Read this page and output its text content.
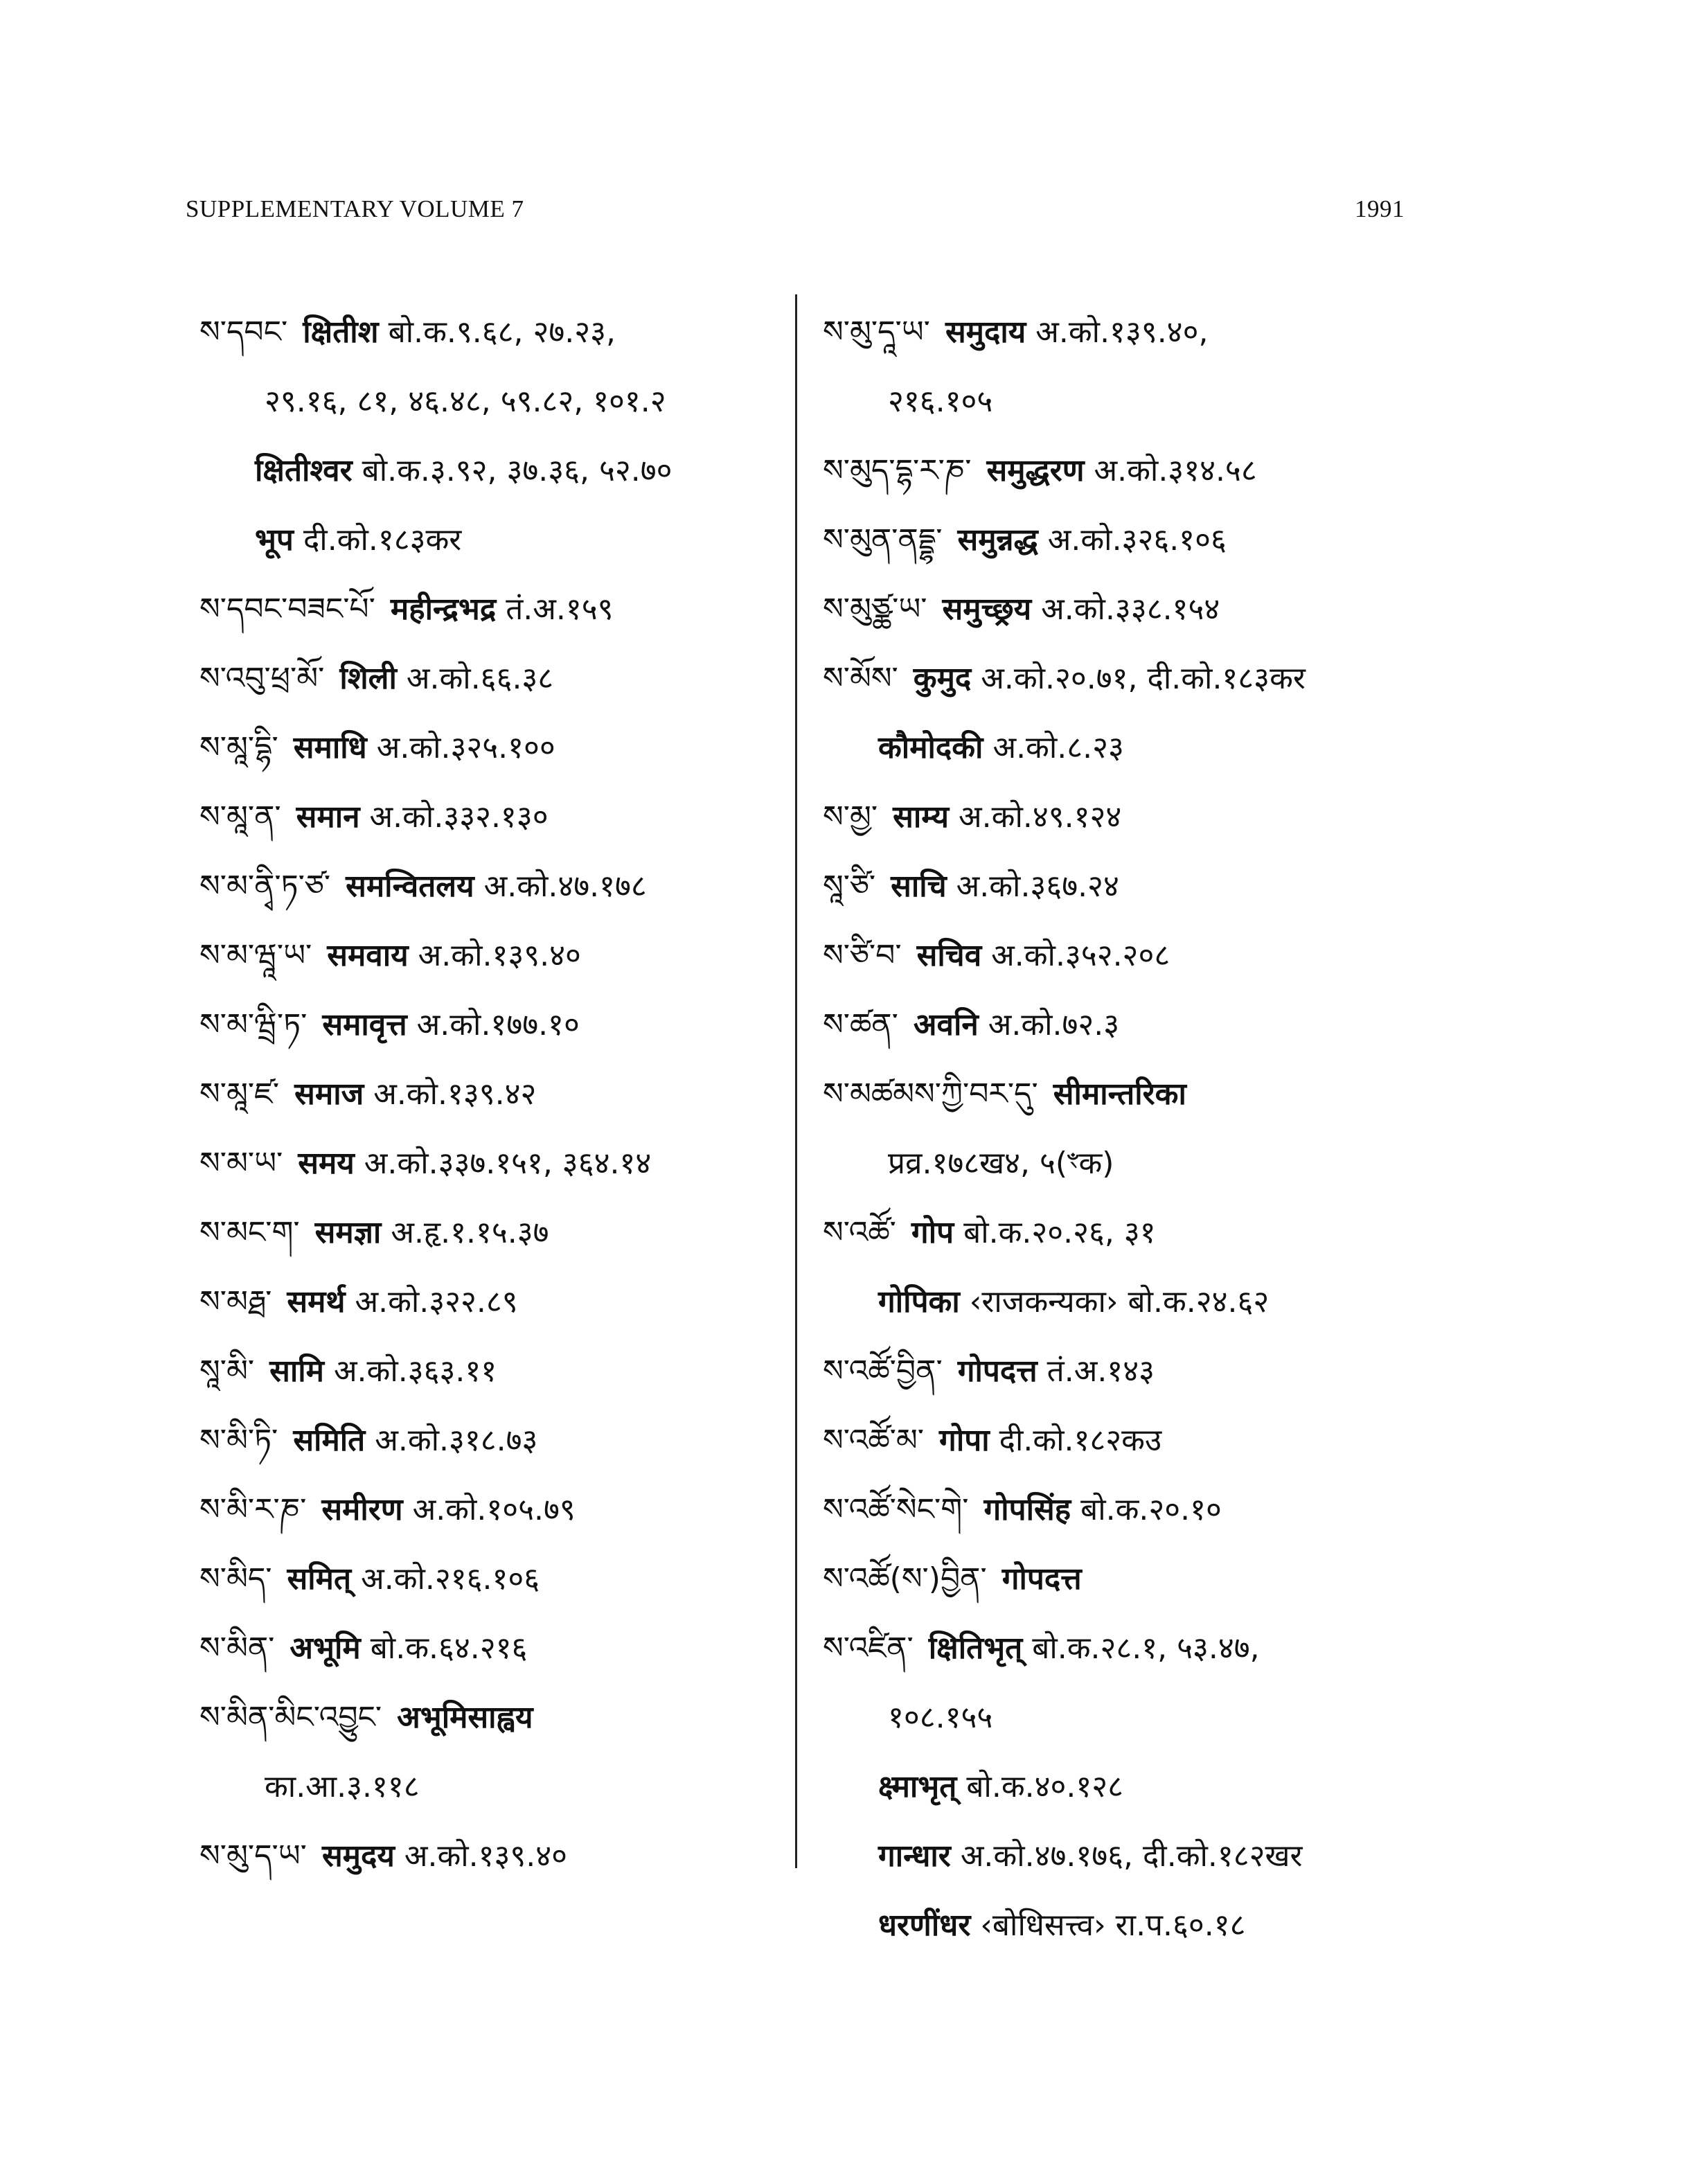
SUPPLEMENTARY VOLUME 7	1991
ས་དབང་ क्षितीश बो.क.९.६८, २७.२३,
२९.१६, ८१, ४६.४८, ५९.८२, १०१.२
क्षितीश्वर बो.क.३.९२, ३७.३६, ५२.७०
भूप दी.को.१८३कर
ས་དབང་བཟང་པོ་ महीन्द्रभद्र तं.अ.१५९
ས་འབུ་ཕྲ་མོ་ शिली अ.को.६६.३८
ས་མཱ་དྷི་ समाधि अ.को.३२५.१००
ས་མཱ་ན་ समान अ.को.३३२.१३०
ས་མ་ནྭི་ཏ་ཙ་ समन्वितलय अ.को.४७.१७८
ས་མ་ཝཱ་ཡ་ समवाय अ.को.१३९.४०
ས་མ་ཝྲི་ཏ་ समावृत्त अ.को.१७७.१०
ས་མཱ་ཛ་ समाज अ.को.१३९.४२
ས་མ་ཡ་ समय अ.को.३३७.१५१, ३६४.१४
ས་མང་ག་ समज्ञा अ.हृ.१.१५.३७
ས་མརྠ་ समर्थ अ.को.३२२.८९
སཱ་མི་ सामि अ.को.३६३.११
ས་མི་ཏི་ समिति अ.को.३१८.७३
ས་མི་ར་ཎ་ समीरण अ.को.१०५.७९
ས་མིད་ समित् अ.को.२१६.१०६
ས་མིན་ अभूमि बो.क.६४.२१६
ས་མིན་མིང་འབྱུང་ अभूमिसाह्वय
का.आ.३.११८
ས་མུ་ད་ཡ་ समुदय अ.को.१३९.४०
ས་མུ་དཱ་ཡ་ समुदाय अ.को.१३९.४०,
२१६.१०५
ས་མུད་དྷ་ར་ཎ་ समुद्धरण अ.को.३१४.५८
ས་མུན་ནདྡྷ་ समुन्नद्ध अ.को.३२६.१०६
ས་མུཙྪ་ཡ་ समुच्छ्रय अ.को.३३८.१५४
ས་མོས་ कुमुद अ.को.२०.७१, दी.को.१८३कर
कौमोदकी अ.को.८.२३
ས་མྱ་ साम्य अ.को.४९.१२४
སཱ་ཙི་ साचि अ.को.३६७.२४
ས་ཙི་བ་ सचिव अ.को.३५२.२०८
ས་ཚན་ अवनि अ.को.७२.३
ས་མཚམས་ཀྱི་བར་དུ་ सीमान्तरिका
प्रव्र.१७८ख४, ५(ꣳक)
ས་འཚོ་ गोप बो.क.२०.२६, ३१
गोपिका ‹राजकन्यका› बो.क.२४.६२
ས་འཚོ་བྱིན་ गोपदत्त तं.अ.१४३
ས་འཚོ་མ་ गोपा दी.को.१८२कउ
ས་འཚོ་སེང་གེ་ गोपसिंह बो.क.२०.१०
ས་འཚོ(ས་)བྱིན་ गोपदत्त
ས་འཛིན་ क्षितिभृत् बो.क.२८.१, ५३.४७,
१०८.१५५
क्ष्माभृत् बो.क.४०.१२८
गान्धार अ.को.४७.१७६, दी.को.१८२खर
धरणींधर ‹बोधिसत्त्व› रा.प.६०.१८
